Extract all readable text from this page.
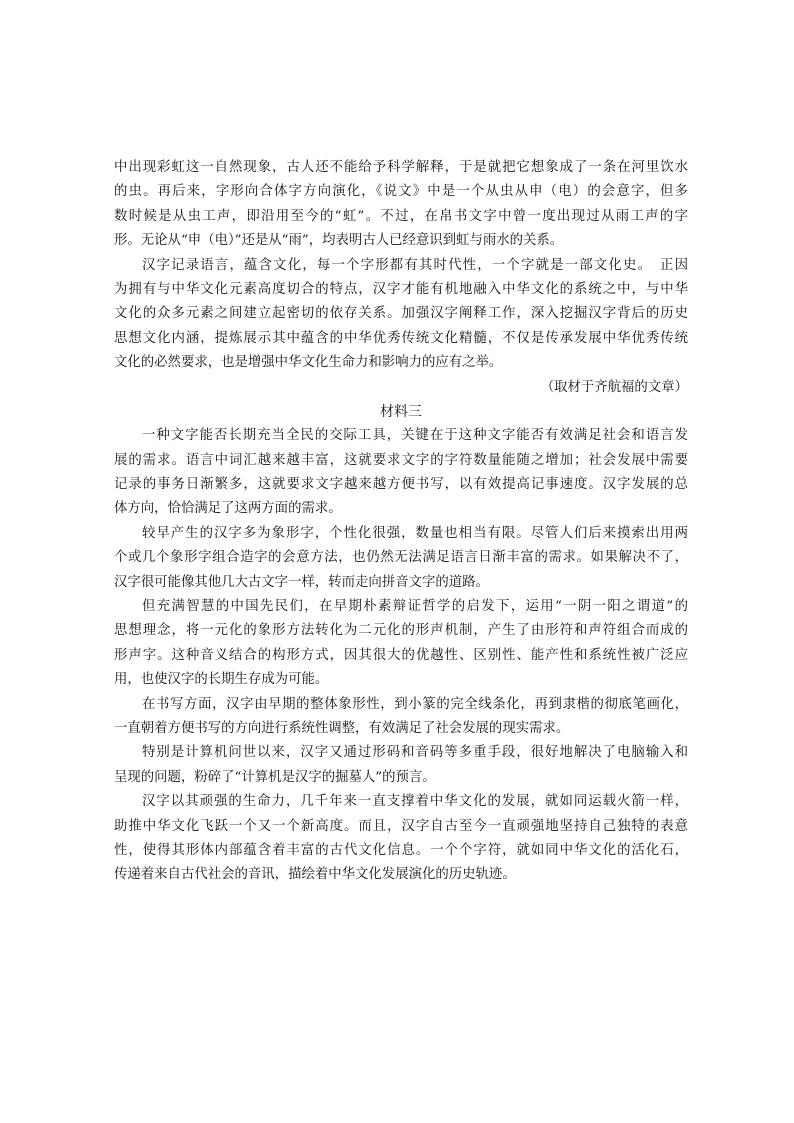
中出现彩虹这一自然现象，古人还不能给予科学解释，于是就把它想象成了一条在河里饮水
的虫。再后来，字形向合体字方向演化，《说文》中是一个从虫从申（电）的会意字，但多
数时候是从虫工声，即沿用至今的“虹”。不过，在帛书文字中曾一度出现过从雨工声的字
形。无论从“申（电）”还是从“雨”，均表明古人已经意识到虹与雨水的关系。
汉字记录语言，蕴含文化，每一个字形都有其时代性，一个字就是一部文化史。　正因
为拥有与中华文化元素高度切合的特点，汉字才能有机地融入中华文化的系统之中，与中华
文化的众多元素之间建立起密切的依存关系。加强汉字阐释工作，深入挖掘汉字背后的历史
思想文化内涵，提炼展示其中蕴含的中华优秀传统文化精髓，不仅是传承发展中华优秀传统
文化的必然要求，也是增强中华文化生命力和影响力的应有之举。
（取材于齐航福的文章）
材料三
一种文字能否长期充当全民的交际工具，关键在于这种文字能否有效满足社会和语言发
展的需求。语言中词汇越来越丰富，这就要求文字的字符数量能随之增加；社会发展中需要
记录的事务日渐繁多，这就要求文字越来越方便书写，以有效提高记事速度。汉字发展的总
体方向，恰恰满足了这两方面的需求。
较早产生的汉字多为象形字，个性化很强，数量也相当有限。尽管人们后来摸索出用两
个或几个象形字组合造字的会意方法，也仍然无法满足语言日渐丰富的需求。如果解决不了，
汉字很可能像其他几大古文字一样，转而走向拼音文字的道路。
但充满智慧的中国先民们，在早期朴素辩证哲学的启发下，运用“一阴一阳之谓道”的
思想理念，将一元化的象形方法转化为二元化的形声机制，产生了由形符和声符组合而成的
形声字。这种音义结合的构形方式，因其很大的优越性、区别性、能产性和系统性被广泛应
用，也使汉字的长期生存成为可能。
在书写方面，汉字由早期的整体象形性，到小篆的完全线条化，再到隶楷的彻底笔画化，
一直朝着方便书写的方向进行系统性调整，有效满足了社会发展的现实需求。
特别是计算机问世以来，汉字又通过形码和音码等多重手段，很好地解决了电脑输入和
呈现的问题，粉碎了“计算机是汉字的掘墓人”的预言。
汉字以其顽强的生命力，几千年来一直支撑着中华文化的发展，就如同运载火箭一样，
助推中华文化飞跃一个又一个新高度。而且，汉字自古至今一直顽强地坚持自己独特的表意
性，使得其形体内部蕴含着丰富的古代文化信息。一个个字符，就如同中华文化的活化石，
传递着来自古代社会的音讯，描绘着中华文化发展演化的历史轨迹。
